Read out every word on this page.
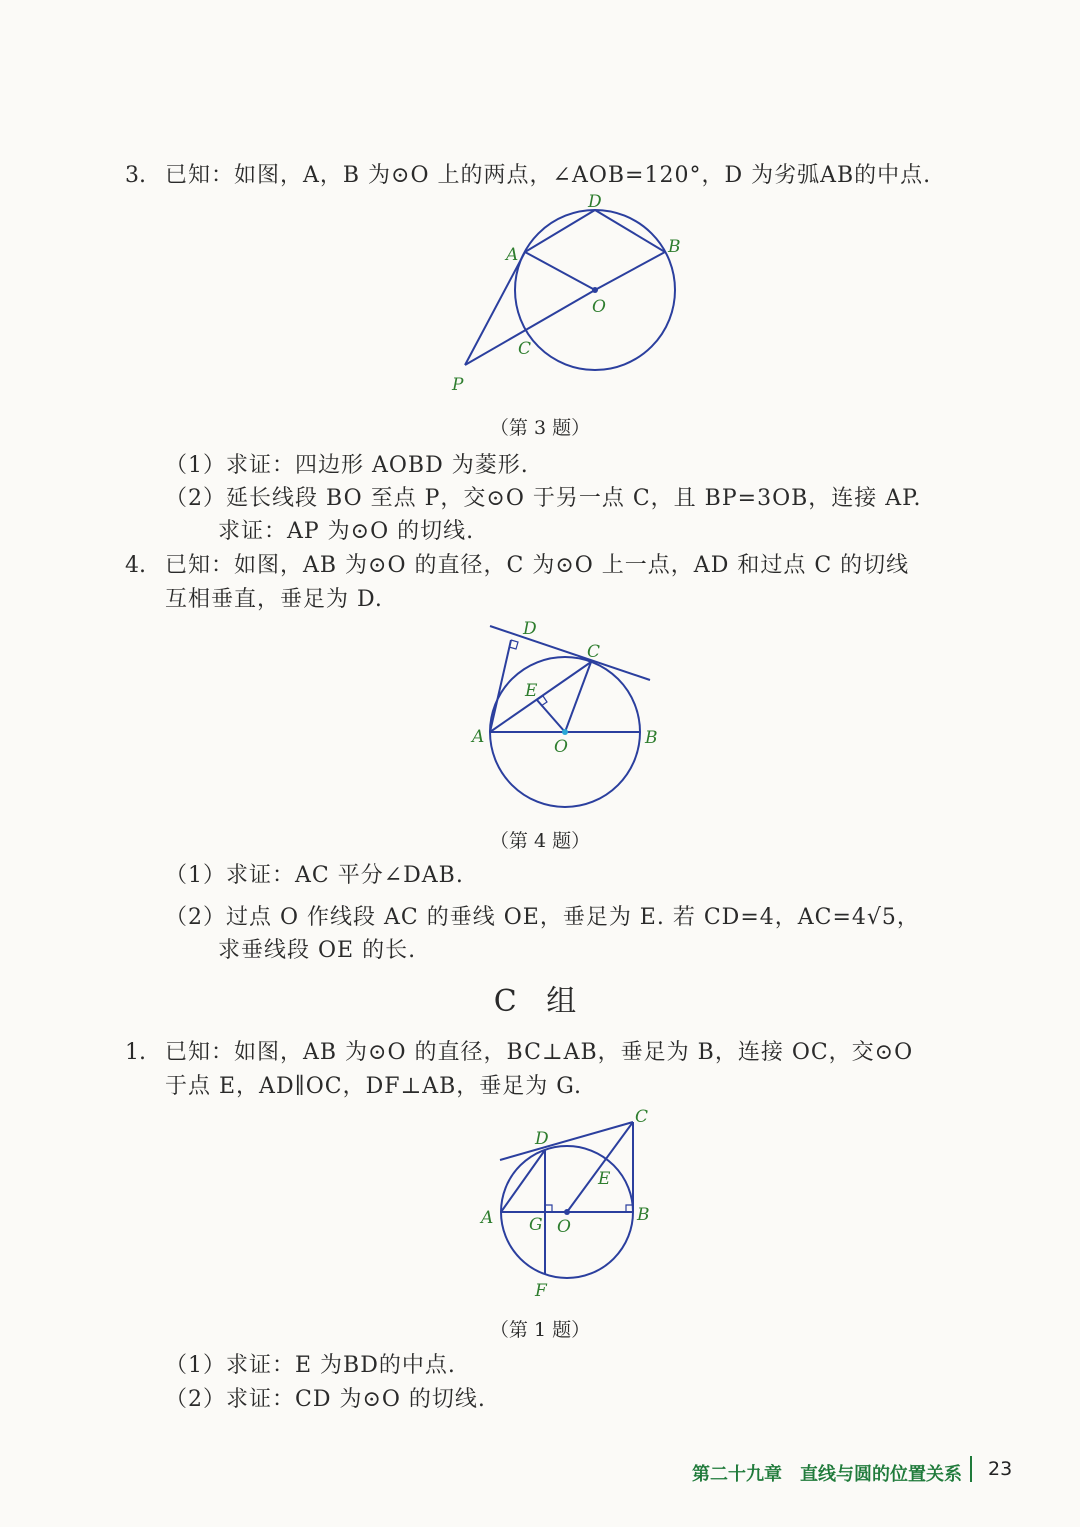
3. 已知：如图，A，B 为⊙O 上的两点，∠AOB=120°，D 为劣弧AB的中点.
D
A	B
O
C
P
（第 3 题）
（1）求证：四边形 AOBD 为菱形.
（2）延长线段 BO 至点 P，交⊙O 于另一点 C，且 BP=3OB，连接 AP.
求证：AP 为⊙O 的切线.
4. 已知：如图，AB 为⊙O 的直径，C 为⊙O 上一点，AD 和过点 C 的切线
互相垂直，垂足为 D.
D
C
E
A	O	B
（第 4 题）
（1）求证：AC 平分∠DAB.
（2）过点 O 作线段 AC 的垂线 OE，垂足为 E. 若 CD=4，AC=4√5，
求垂线段 OE 的长.
C 组
1. 已知：如图，AB 为⊙O 的直径，BC⊥AB，垂足为 B，连接 OC，交⊙O
于点 E，AD∥OC，DF⊥AB，垂足为 G.
C
D
E
A G O
B
F
（第 1 题）
（1）求证：E 为BD的中点.
（2）求证：CD 为⊙O 的切线.
第二十九章　直线与圆的位置关系 23
